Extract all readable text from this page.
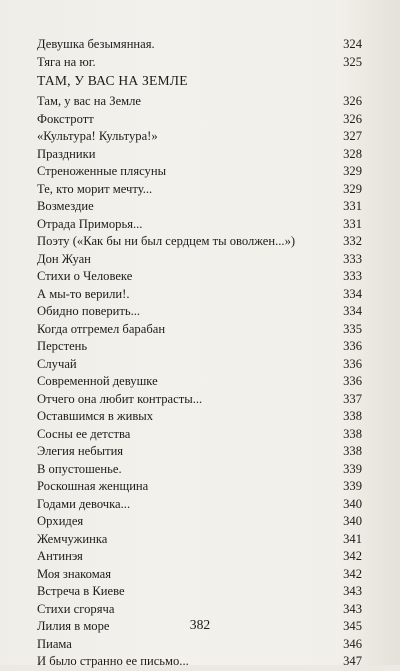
Девушка безымянная.	324
Тяга на юг.	325
ТАМ, У ВАС НА ЗЕМЛЕ
Там, у вас на Земле	326
Фокстротт	326
«Культура! Культура!»	327
Праздники	328
Стреноженные плясуны	329
Те, кто морит мечту...	329
Возмездие	331
Отрада Приморья...	331
Поэту («Как бы ни был сердцем ты оволжен...»)	332
Дон Жуан	333
Стихи о Человеке	333
А мы-то верили!.	334
Обидно поверить...	334
Когда отгремел барабан	335
Перстень	336
Случай	336
Современной девушке	336
Отчего она любит контрасты...	337
Оставшимся в живых	338
Сосны ее детства	338
Элегия небытия	338
В опустошенье.	339
Роскошная женщина	339
Годами девочка...	340
Орхидея	340
Жемчужинка	341
Антинэя	342
Моя знакомая	342
Встреча в Киеве	343
Стихи сгоряча	343
Лилия в море	345
Пиама	346
И было странно ее письмо...	347
382
